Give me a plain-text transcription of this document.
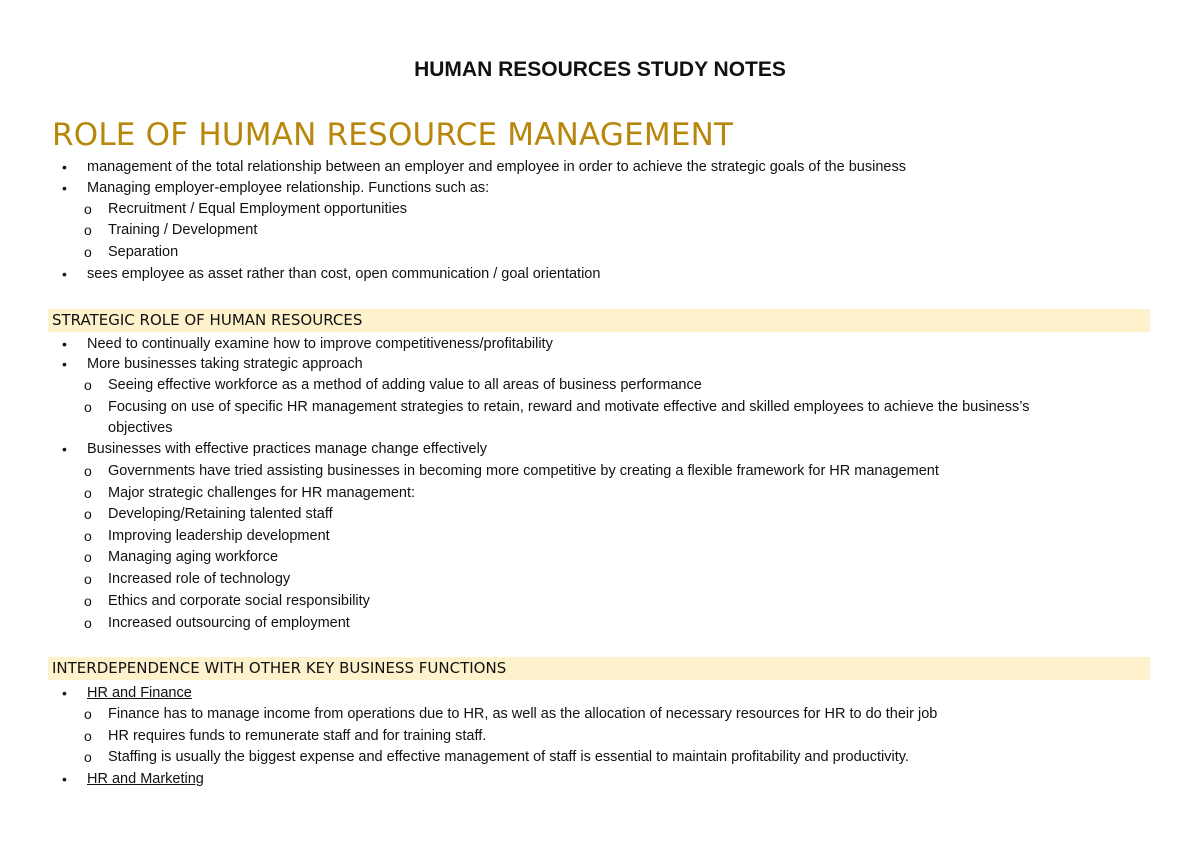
HUMAN RESOURCES STUDY NOTES
ROLE OF HUMAN RESOURCE MANAGEMENT
• management of the total relationship between an employer and employee in order to achieve the strategic goals of the business
• Managing employer-employee relationship. Functions such as:
o Recruitment / Equal Employment opportunities
o Training / Development
o Separation
• sees employee as asset rather than cost, open communication / goal orientation
STRATEGIC ROLE OF HUMAN RESOURCES
• Need to continually examine how to improve competitiveness/profitability
• More businesses taking strategic approach
o Seeing effective workforce as a method of adding value to all areas of business performance
o Focusing on use of specific HR management strategies to retain, reward and motivate effective and skilled employees to achieve the business’s
objectives
• Businesses with effective practices manage change effectively
o Governments have tried assisting businesses in becoming more competitive by creating a flexible framework for HR management
o Major strategic challenges for HR management:
o Developing/Retaining talented staff
o Improving leadership development
o Managing aging workforce
o Increased role of technology
o Ethics and corporate social responsibility
o Increased outsourcing of employment
INTERDEPENDENCE WITH OTHER KEY BUSINESS FUNCTIONS
• HR and Finance
o Finance has to manage income from operations due to HR, as well as the allocation of necessary resources for HR to do their job
o HR requires funds to remunerate staff and for training staff.
o Staffing is usually the biggest expense and effective management of staff is essential to maintain profitability and productivity.
• HR and Marketing
